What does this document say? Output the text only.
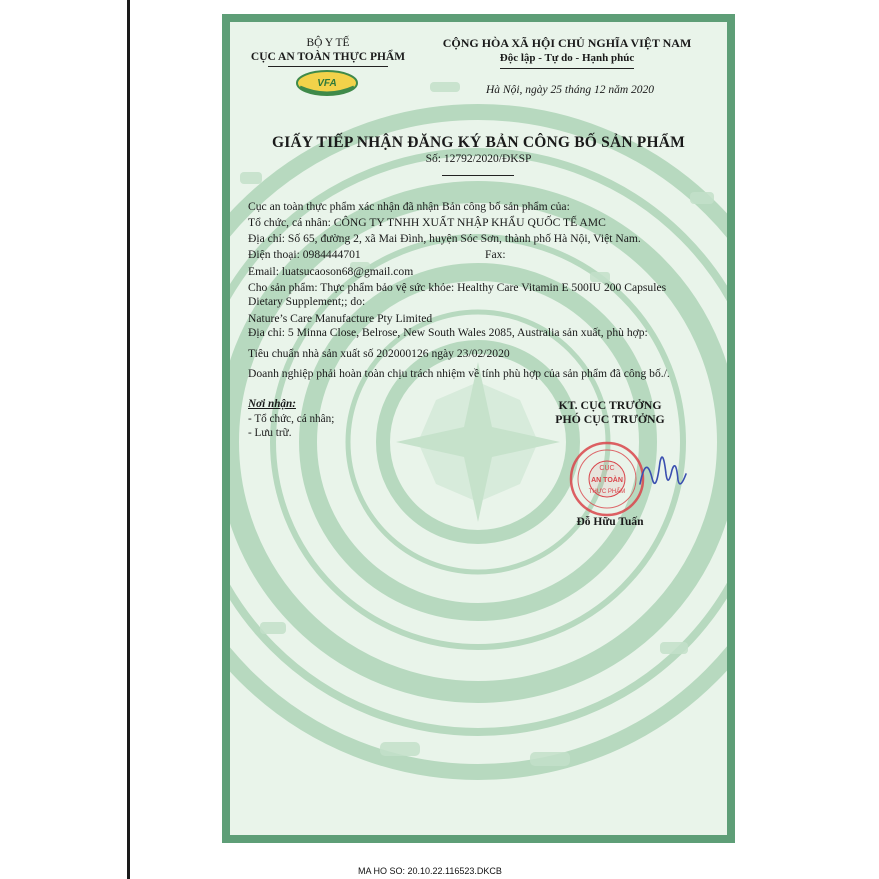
BỘ Y TẾ
CỤC AN TOÀN THỰC PHẨM
VFA
CỘNG HÒA XÃ HỘI CHỦ NGHĨA VIỆT NAM
Độc lập - Tự do - Hạnh phúc
Hà Nội, ngày 25 tháng 12 năm 2020
GIẤY TIẾP NHẬN ĐĂNG KÝ BẢN CÔNG BỐ SẢN PHẨM
Số: 12792/2020/ĐKSP
Cục an toàn thực phẩm xác nhận đã nhận Bản công bố sản phẩm của:
Tổ chức, cá nhân: CÔNG TY TNHH XUẤT NHẬP KHẨU QUỐC TẾ AMC
Địa chỉ: Số 65, đường 2, xã Mai Đình, huyện Sóc Sơn, thành phố Hà Nội, Việt Nam.
Điện thoại: 0984444701	Fax:
Email: luatsucaoson68@gmail.com
Cho sản phẩm: Thực phẩm bảo vệ sức khỏe: Healthy Care Vitamin E 500IU 200 Capsules
Dietary Supplement;; do:
Nature’s Care Manufacture Pty Limited
Địa chỉ: 5 Minna Close, Belrose, New South Wales 2085, Australia sản xuất, phù hợp:
Tiêu chuẩn nhà sản xuất số 202000126 ngày 23/02/2020
Doanh nghiệp phải hoàn toàn chịu trách nhiệm về tính phù hợp của sản phẩm đã công bố./.
Nơi nhận:
- Tổ chức, cá nhân;
- Lưu trữ.
KT. CỤC TRƯỞNG
PHÓ CỤC TRƯỞNG
CỤC
AN TOÀN
THỰC PHẨM
Đỗ Hữu Tuấn
MA HO SO: 20.10.22.116523.DKCB
